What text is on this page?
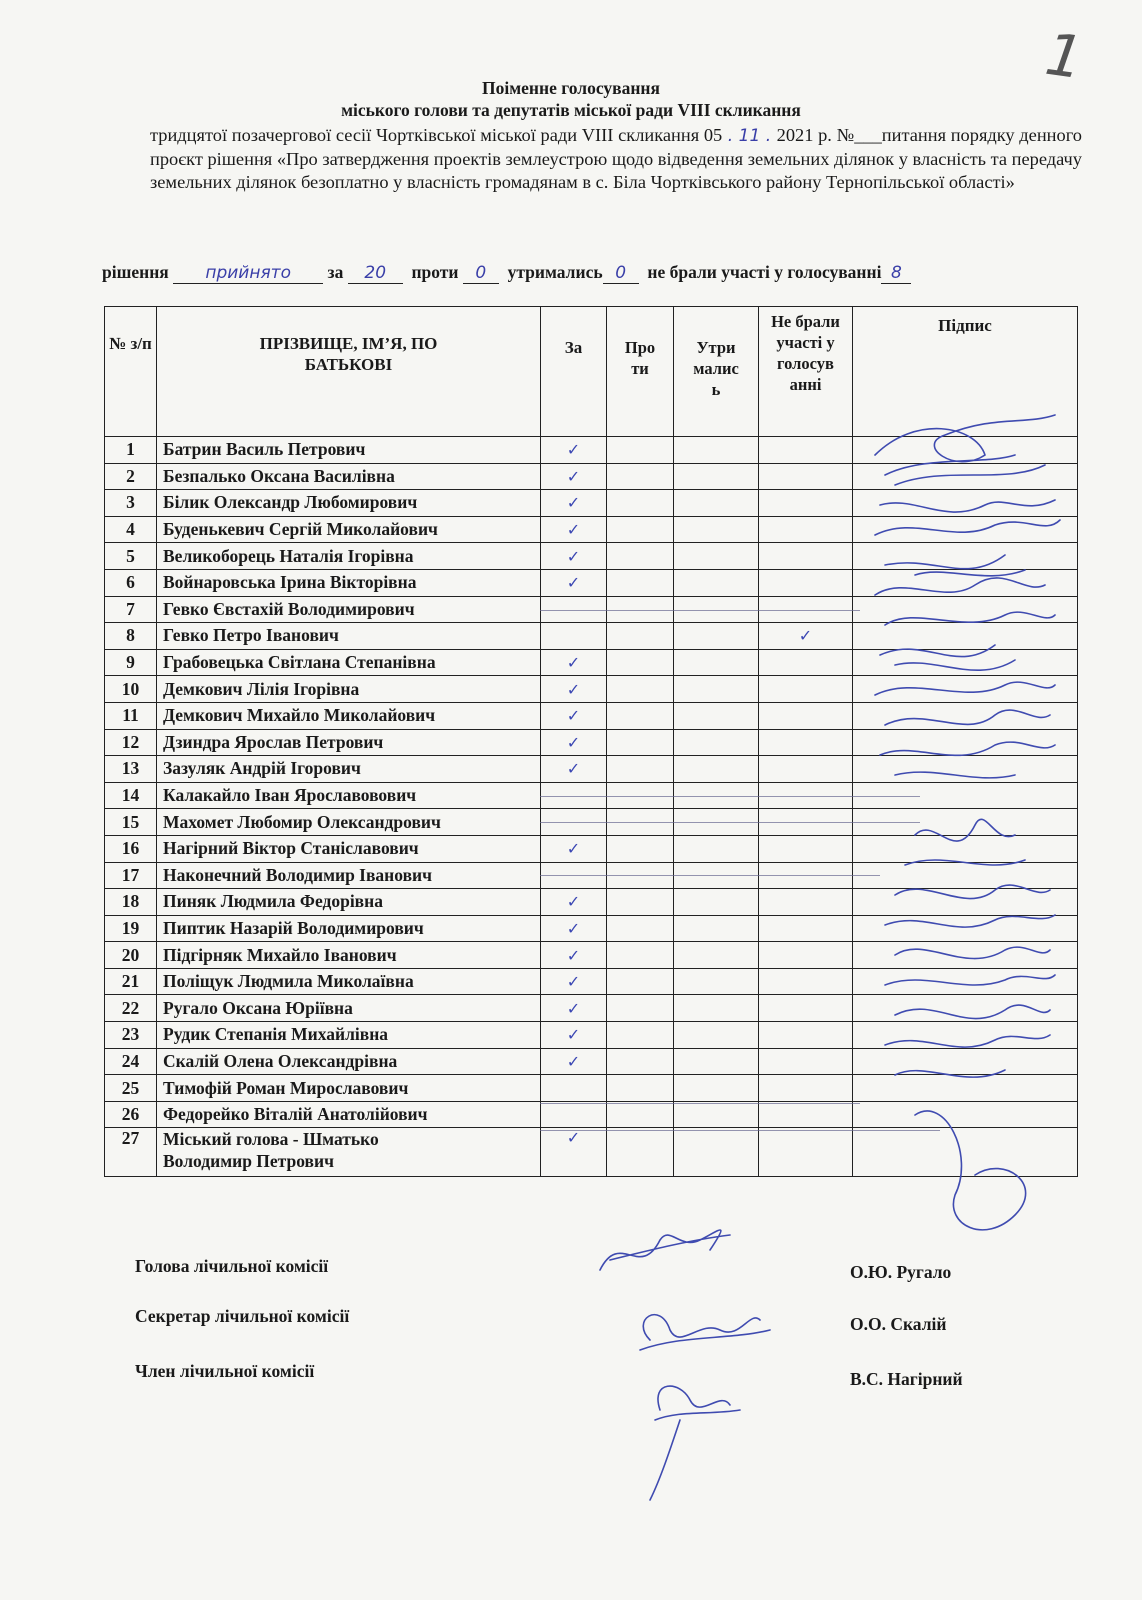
1
Поіменне голосування
міського голови та депутатів міської ради VIII скликання
тридцятої позачергової сесії Чортківської міської ради VIII скликання 05 . 11 . 2021 р. №___питання порядку денного проєкт рішення «Про затвердження проектів землеустрою щодо відведення земельних ділянок у власність та передачу земельних ділянок безоплатно у власність громадянам в с. Біла Чортківського району Тернопільської області»
рішення прийнято за 20 проти 0 утримались 0 не брали участі у голосуванні 8
№ з/п	ПРІЗВИЩЕ, ІМ’Я, ПО БАТЬКОВІ	За	Про ти	Утри малис ь	Не брали участі у голосув анні	Підпис
1	Батрин Василь Петрович	✓				
2	Безпалько Оксана Василівна	✓				
3	Білик Олександр Любомирович	✓				
4	Буденькевич Сергій Миколайович	✓				
5	Великоборець Наталія Ігорівна	✓				
6	Войнаровська Ірина Вікторівна	✓				
7	Гевко Євстахій Володимирович					
8	Гевко Петро Іванович				✓	
9	Грабовецька Світлана Степанівна	✓				
10	Демкович Лілія Ігорівна	✓				
11	Демкович Михайло Миколайович	✓				
12	Дзиндра Ярослав Петрович	✓				
13	Зазуляк Андрій Ігорович	✓				
14	Калакайло Іван Ярославовович					
15	Махомет Любомир Олександрович					
16	Нагірний Віктор Станіславович	✓				
17	Наконечний Володимир Іванович					
18	Пиняк Людмила Федорівна	✓				
19	Пиптик Назарій Володимирович	✓				
20	Підгірняк Михайло Іванович	✓				
21	Поліщук Людмила Миколаївна	✓				
22	Ругало Оксана Юріївна	✓				
23	Рудик Степанія Михайлівна	✓				
24	Скалій Олена Олександрівна	✓				
25	Тимофій Роман Мирославович					
26	Федорейко Віталій Анатолійович					
27	Міський голова - Шматько
Володимир Петрович	✓				
Голова лічильної комісії
Секретар лічильної комісії
Член лічильної комісії
О.Ю. Ругало
О.О. Скалій
В.С. Нагірний
